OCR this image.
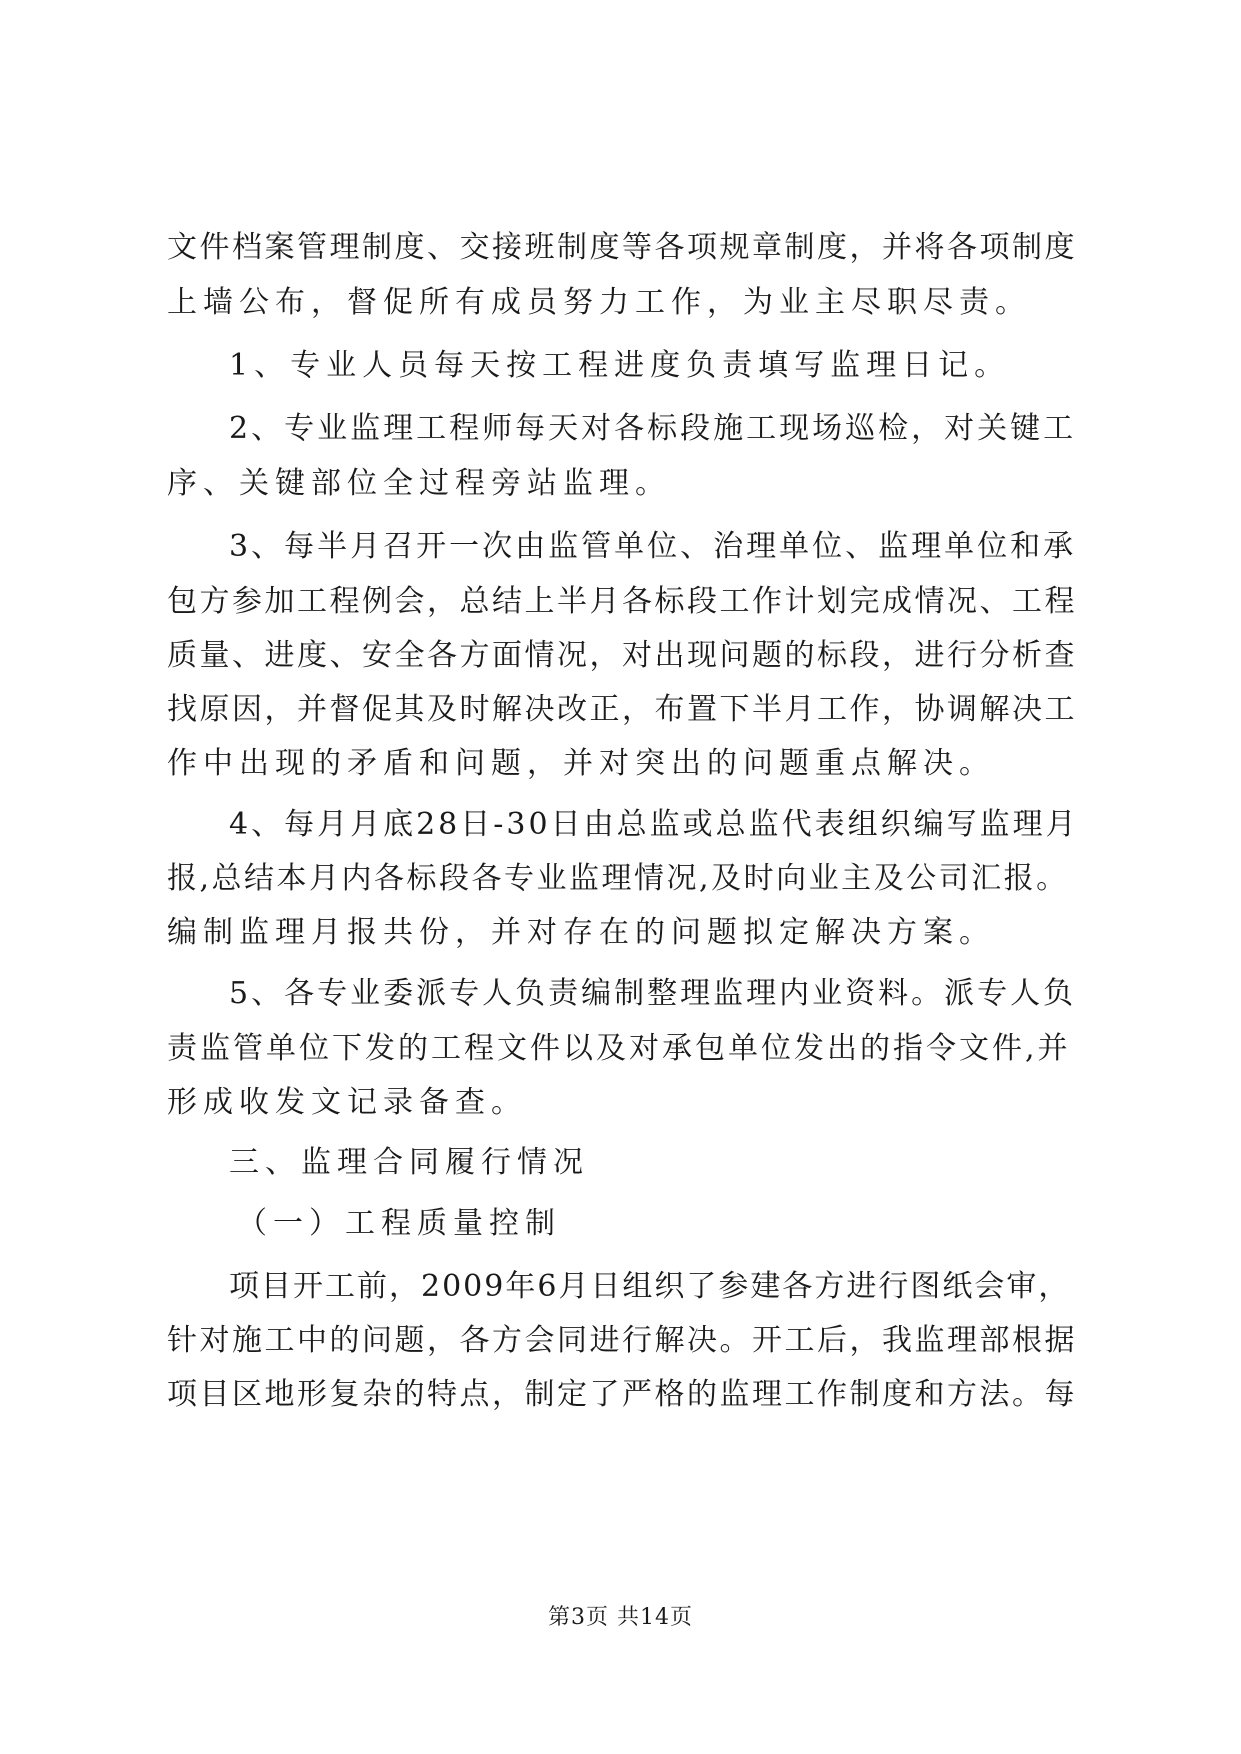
文件档案管理制度、交接班制度等各项规章制度，并将各项制度
上墙公布，督促所有成员努力工作，为业主尽职尽责。
1、专业人员每天按工程进度负责填写监理日记。
2、专业监理工程师每天对各标段施工现场巡检，对关键工
序、关键部位全过程旁站监理。
3、每半月召开一次由监管单位、治理单位、监理单位和承
包方参加工程例会，总结上半月各标段工作计划完成情况、工程
质量、进度、安全各方面情况，对出现问题的标段，进行分析查
找原因，并督促其及时解决改正，布置下半月工作，协调解决工
作中出现的矛盾和问题，并对突出的问题重点解决。
4、每月月底28日-30日由总监或总监代表组织编写监理月
报,总结本月内各标段各专业监理情况,及时向业主及公司汇报。
编制监理月报共份，并对存在的问题拟定解决方案。
5、各专业委派专人负责编制整理监理内业资料。派专人负
责监管单位下发的工程文件以及对承包单位发出的指令文件,并
形成收发文记录备查。
三、监理合同履行情况
（一）工程质量控制
项目开工前，2009年6月日组织了参建各方进行图纸会审，
针对施工中的问题，各方会同进行解决。开工后，我监理部根据
项目区地形复杂的特点，制定了严格的监理工作制度和方法。每
第3页 共14页
